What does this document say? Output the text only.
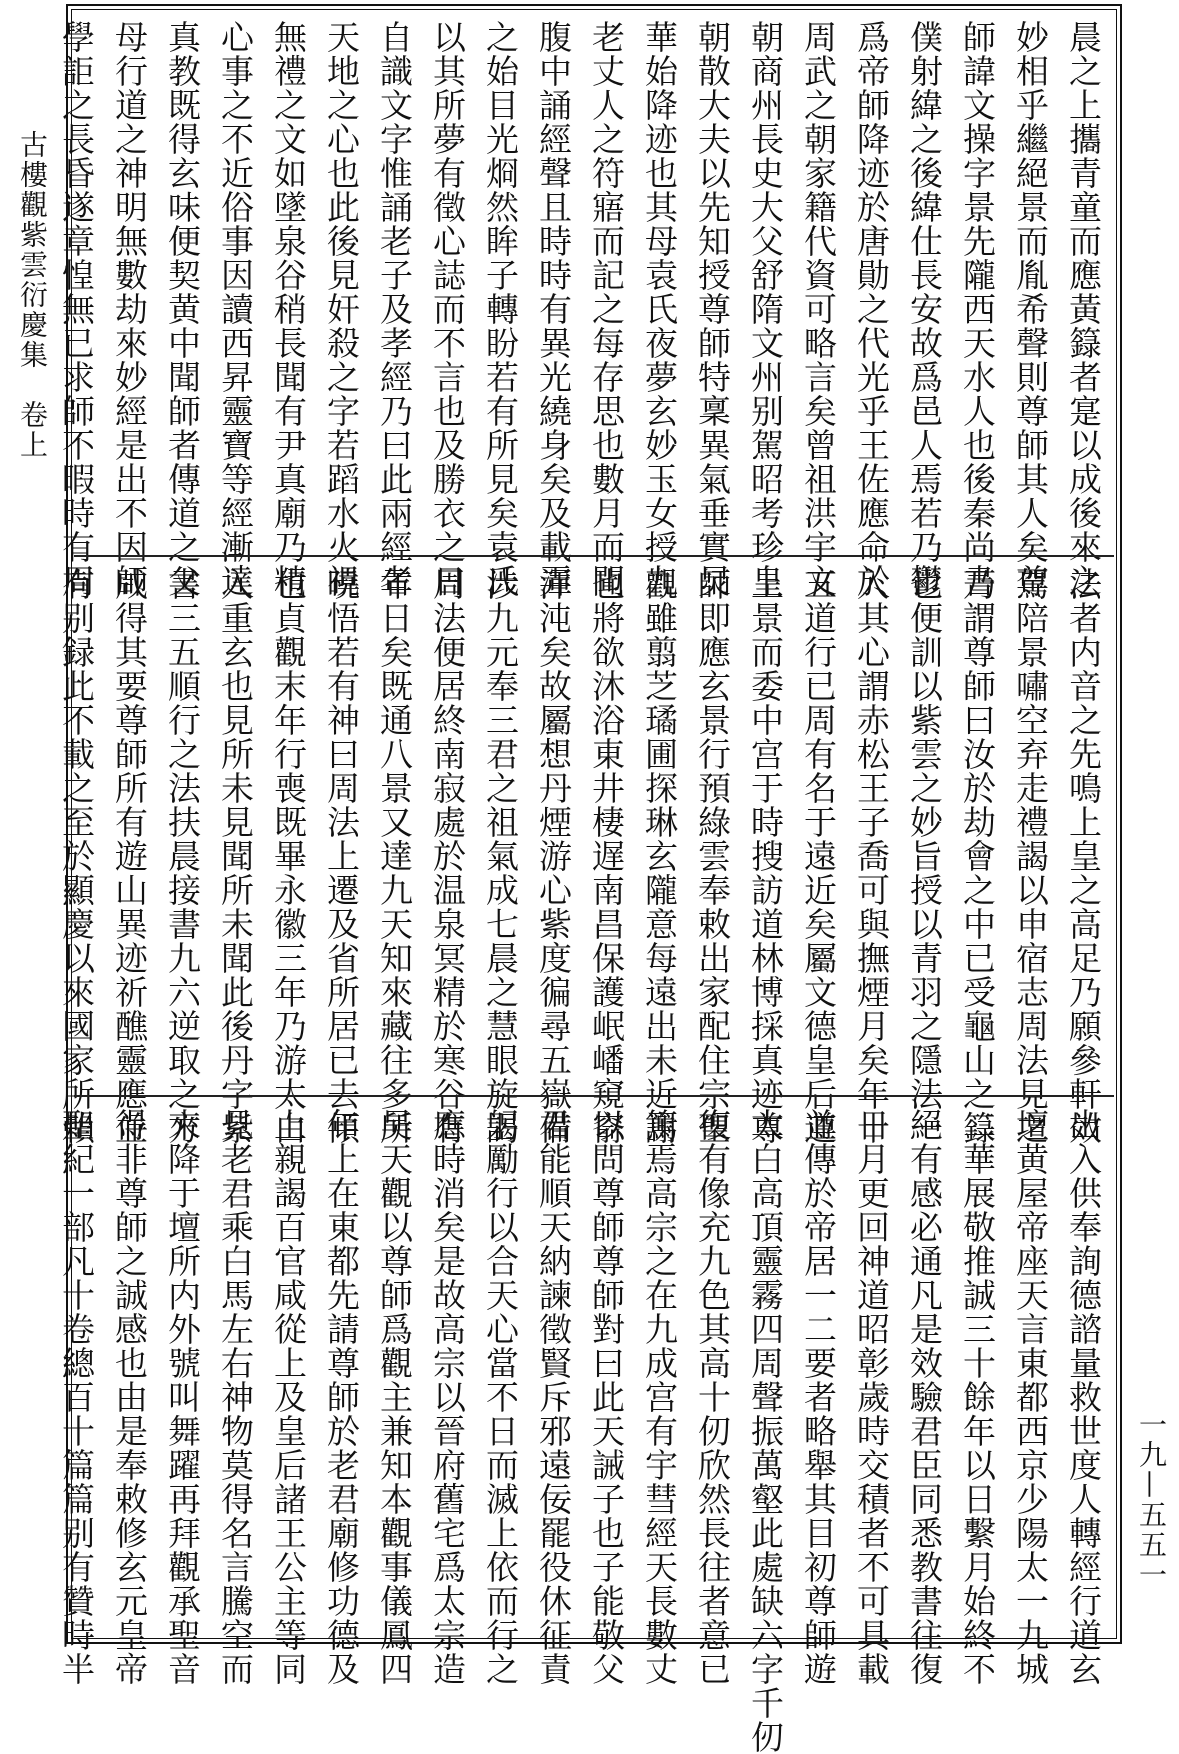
古樓觀紫雲衍慶集　卷上
一九—五五一
晨之上攜青童而應黃籙者寔以成後來之
妙相乎繼絕景而胤希聲則尊師其人矣尊
師諱文操字景先隴西天水人也後秦尚書
僕射緯之後緯仕長安故爲邑人焉若乃鬱
爲帝師降迹於唐勛之代光乎王佐應命於
周武之朝家籍代資可略言矣曾祖洪宇文
朝商州長史大父舒隋文州别駕昭考珍皇
朝散大夫以先知授尊師特稟異氣垂實炅
華始降迹也其母袁氏夜夢玄妙玉女授九
老丈人之符寤而記之每存思也數月而聞
腹中誦經聲且時時有異光繞身矣及載弄
之始目光烱然眸子轉盼若有所見矣袁氏
以其所夢有徵心誌而不言也及勝衣之日
自識文字惟誦老子及孝經乃曰此兩經者
天地之心也此後見奸殺之字若蹈水火視
無禮之文如墜泉谷稍長聞有尹真廟乃精
心事之不近俗事因讀西昇靈寶等經漸達
真教既得玄味便契黄中聞師者傳道之父
母行道之神明無數劫來妙經是出不因師
學詎之長昏遂章惶無已求師不暇時有周
法者内音之先鳴上皇之高足乃願參軒效
駕陪景嘯空弃走禮謁以申宿志周法見之
乃謂尊師曰汝於劫會之中已受龜山之籙
也便訓以紫雲之妙旨授以青羽之隱法一
入其心謂赤松王子喬可與撫煙月矣年十
五道行已周有名于遠近矣屬文德皇后遵
上景而委中宫于時搜訪道林博採真迹尊
師即應玄景行預綠雲奉敕出家配住宗聖
觀雖翦芝璚圃探琳玄隴意每遠出未近謝
也將欲沐浴東井棲遅南昌保護岷嶓窺窬
渾沌矣故屬想丹煙游心紫度徧尋五嶽備
涉九元奉三君之祖氣成七晨之慧眼旋謁
周法便居終南寂處於温泉冥精於寒谷有
年日矣既通八景又達九天知來藏往多所
曉悟若有神曰周法上遷及省所居已去傾
也貞觀末年行喪既畢永徽三年乃游太白
入重玄也見所未見聞所未聞此後丹字紫
書三五順行之法扶晨接書九六逆取之方
咸得其要尊師所有遊山異迹祈醮靈應並
有别録此不載之至於顯慶以來國家所賴
出入供奉詢德諮量救世度人轉經行道玄
壇黄屋帝座天言東都西京少陽太一九城
二華展敬推誠三十餘年以日繫月始終不
絕有感必通凡是效驗君臣同悉教書往復
日月更回神道昭彰歲時交積者不可具載
並傳於帝居一二要者略舉其目初尊師遊
太白高頂靈霧四周聲振萬壑此處缺六字千仞
復有像充九色其高十仞欣然長往者意已
篤焉高宗之在九成宫有宇彗經天長數丈
以問尊師尊師對曰此天誡子也子能敬父
君能順天納諫徵賢斥邪遠佞罷役休征責
躬勵行以合天心當不日而滅上依而行之
應時消矣是故高宗以晉府舊宅爲太宗造
昊天觀以尊師爲觀主兼知本觀事儀鳳四
年上在東都先請尊師於老君廟修功德及
上親謁百官咸從上及皇后諸王公主等同
見老君乘白馬左右神物莫得名言騰空而
來降于壇所内外號叫舞躍再拜觀承聖音
得非尊師之誠感也由是奉敕修玄元皇帝
聖紀一部凡十卷總百十篇篇别有贊時半
